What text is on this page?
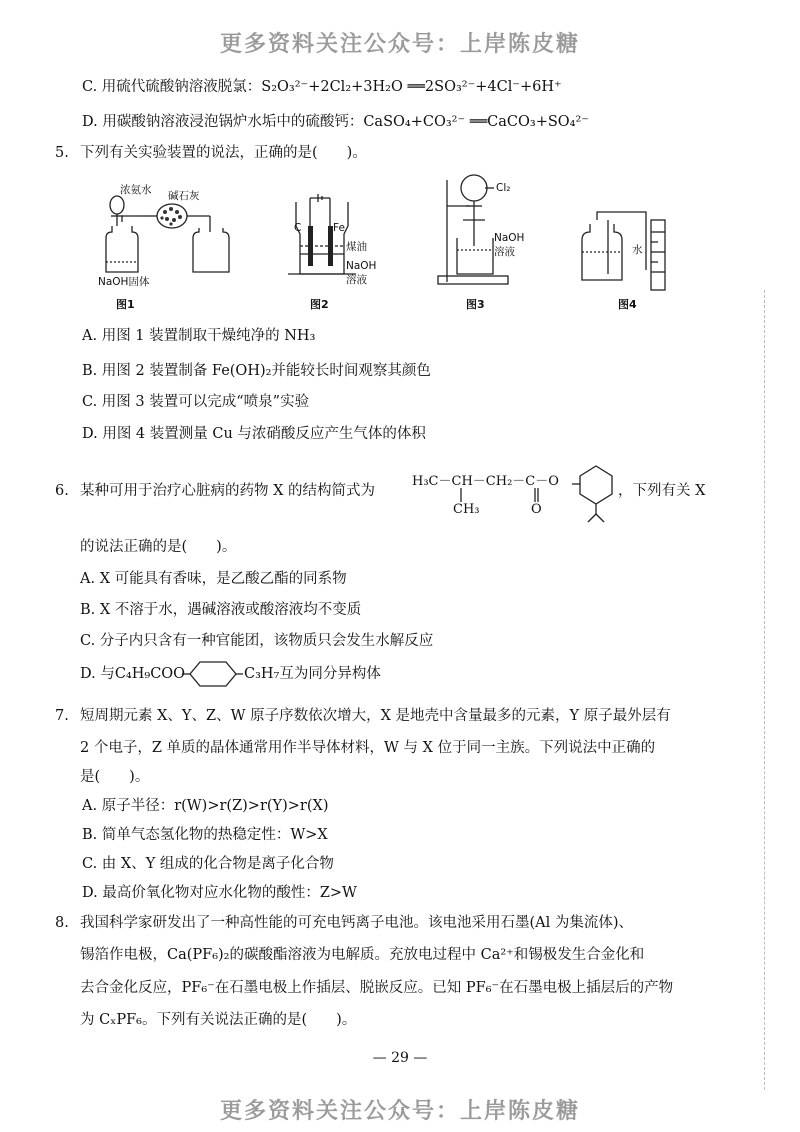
更多资料关注公众号：上岸陈皮糖
更多资料关注公众号：上岸陈皮糖
C. 用硫代硫酸钠溶液脱氯：S₂O₃²⁻+2Cl₂+3H₂O ══2SO₃²⁻+4Cl⁻+6H⁺
D. 用碳酸钠溶液浸泡锅炉水垢中的硫酸钙：CaSO₄+CO₃²⁻ ══CaCO₃+SO₄²⁻
5. 下列有关实验装置的说法，正确的是(　　)。
浓氨水 碱石灰
NaOH固体
图1
C	Fe
煤油
NaOH
溶液
图2
Cl₂
NaOH
溶液
图3
水
图4
A. 用图 1 装置制取干燥纯净的 NH₃
B. 用图 2 装置制备 Fe(OH)₂并能较长时间观察其颜色
C. 用图 3 装置可以完成“喷泉”实验
D. 用图 4 装置测量 Cu 与浓硝酸反应产生气体的体积
6. 某种可用于治疗心脏病的药物 X 的结构简式为
H₃C－CH－CH₂－C－O
CH₃	O
，下列有关 X
的说法正确的是(　　)。
A. X 可能具有香味，是乙酸乙酯的同系物
B. X 不溶于水，遇碱溶液或酸溶液均不变质
C. 分子内只含有一种官能团，该物质只会发生水解反应
D. 与C₄H₉COO	C₃H₇互为同分异构体
7. 短周期元素 X、Y、Z、W 原子序数依次增大，X 是地壳中含量最多的元素，Y 原子最外层有
2 个电子，Z 单质的晶体通常用作半导体材料，W 与 X 位于同一主族。下列说法中正确的
是(　　)。
A. 原子半径：r(W)>r(Z)>r(Y)>r(X)
B. 简单气态氢化物的热稳定性：W>X
C. 由 X、Y 组成的化合物是离子化合物
D. 最高价氧化物对应水化物的酸性：Z>W
8. 我国科学家研发出了一种高性能的可充电钙离子电池。该电池采用石墨(Al 为集流体)、
锡箔作电极，Ca(PF₆)₂的碳酸酯溶液为电解质。充放电过程中 Ca²⁺和锡极发生合金化和
去合金化反应，PF₆⁻在石墨电极上作插层、脱嵌反应。已知 PF₆⁻在石墨电极上插层后的产物
为 CₓPF₆。下列有关说法正确的是(　　)。
— 29 —
